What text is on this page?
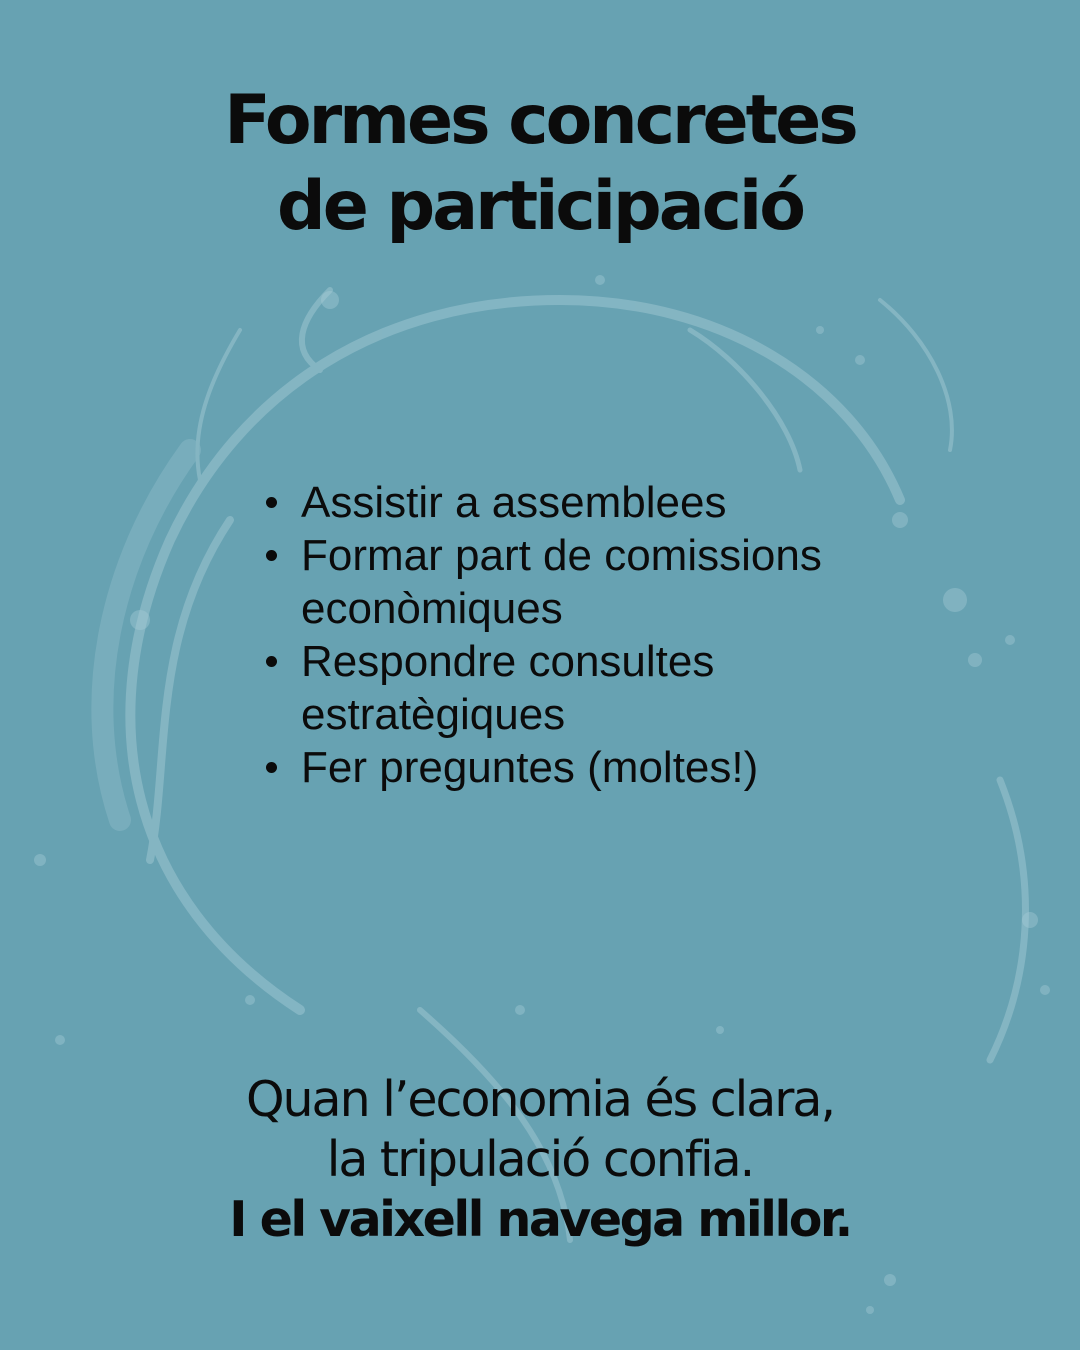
Formes concretes
de participació
Assistir a assemblees
Formar part de comissions
econòmiques
Respondre consultes
estratègiques
Fer preguntes (moltes!)
Quan l’economia és clara,
la tripulació confia.
I el vaixell navega millor.
